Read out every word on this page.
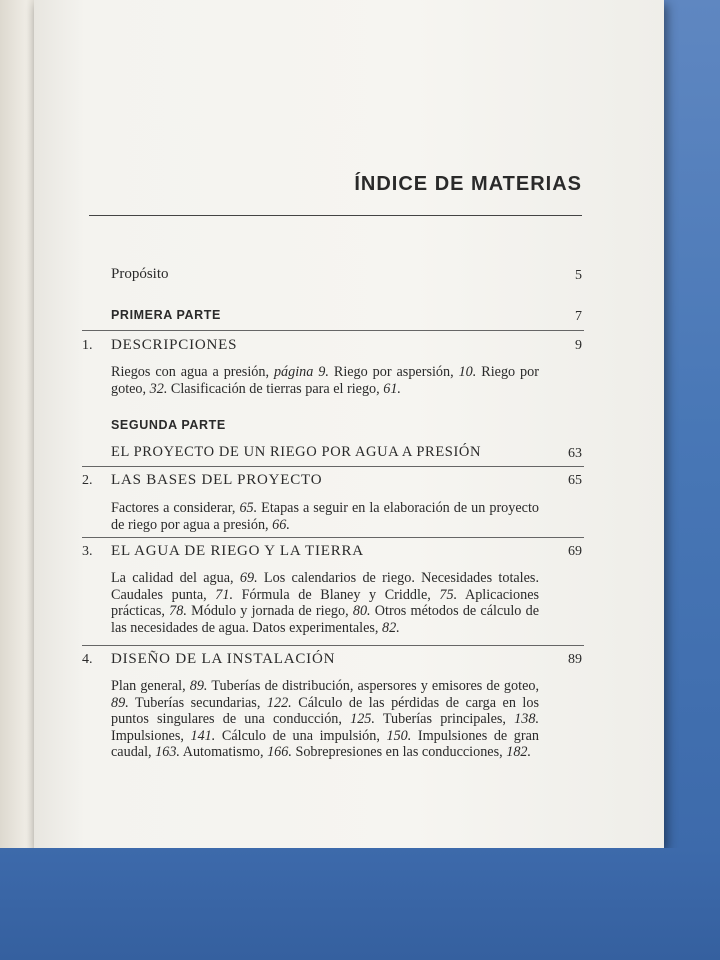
ÍNDICE DE MATERIAS
Propósito	5
PRIMERA PARTE	7
1. DESCRIPCIONES	9
Riegos con agua a presión, página 9. Riego por aspersión, 10. Riego por goteo, 32. Clasificación de tierras para el riego, 61.
SEGUNDA PARTE
EL PROYECTO DE UN RIEGO POR AGUA A PRESIÓN	63
2. LAS BASES DEL PROYECTO	65
Factores a considerar, 65. Etapas a seguir en la elaboración de un proyecto de riego por agua a presión, 66.
3. EL AGUA DE RIEGO Y LA TIERRA	69
La calidad del agua, 69. Los calendarios de riego. Necesidades totales. Caudales punta, 71. Fórmula de Blaney y Criddle, 75. Aplicaciones prácticas, 78. Módulo y jornada de riego, 80. Otros métodos de cálculo de las necesidades de agua. Datos experimentales, 82.
4. DISEÑO DE LA INSTALACIÓN	89
Plan general, 89. Tuberías de distribución, aspersores y emisores de goteo, 89. Tuberías secundarias, 122. Cálculo de las pérdidas de carga en los puntos singulares de una conducción, 125. Tuberías principales, 138. Impulsiones, 141. Cálculo de una impulsión, 150. Impulsiones de gran caudal, 163. Automatismo, 166. Sobrepresiones en las conducciones, 182.
